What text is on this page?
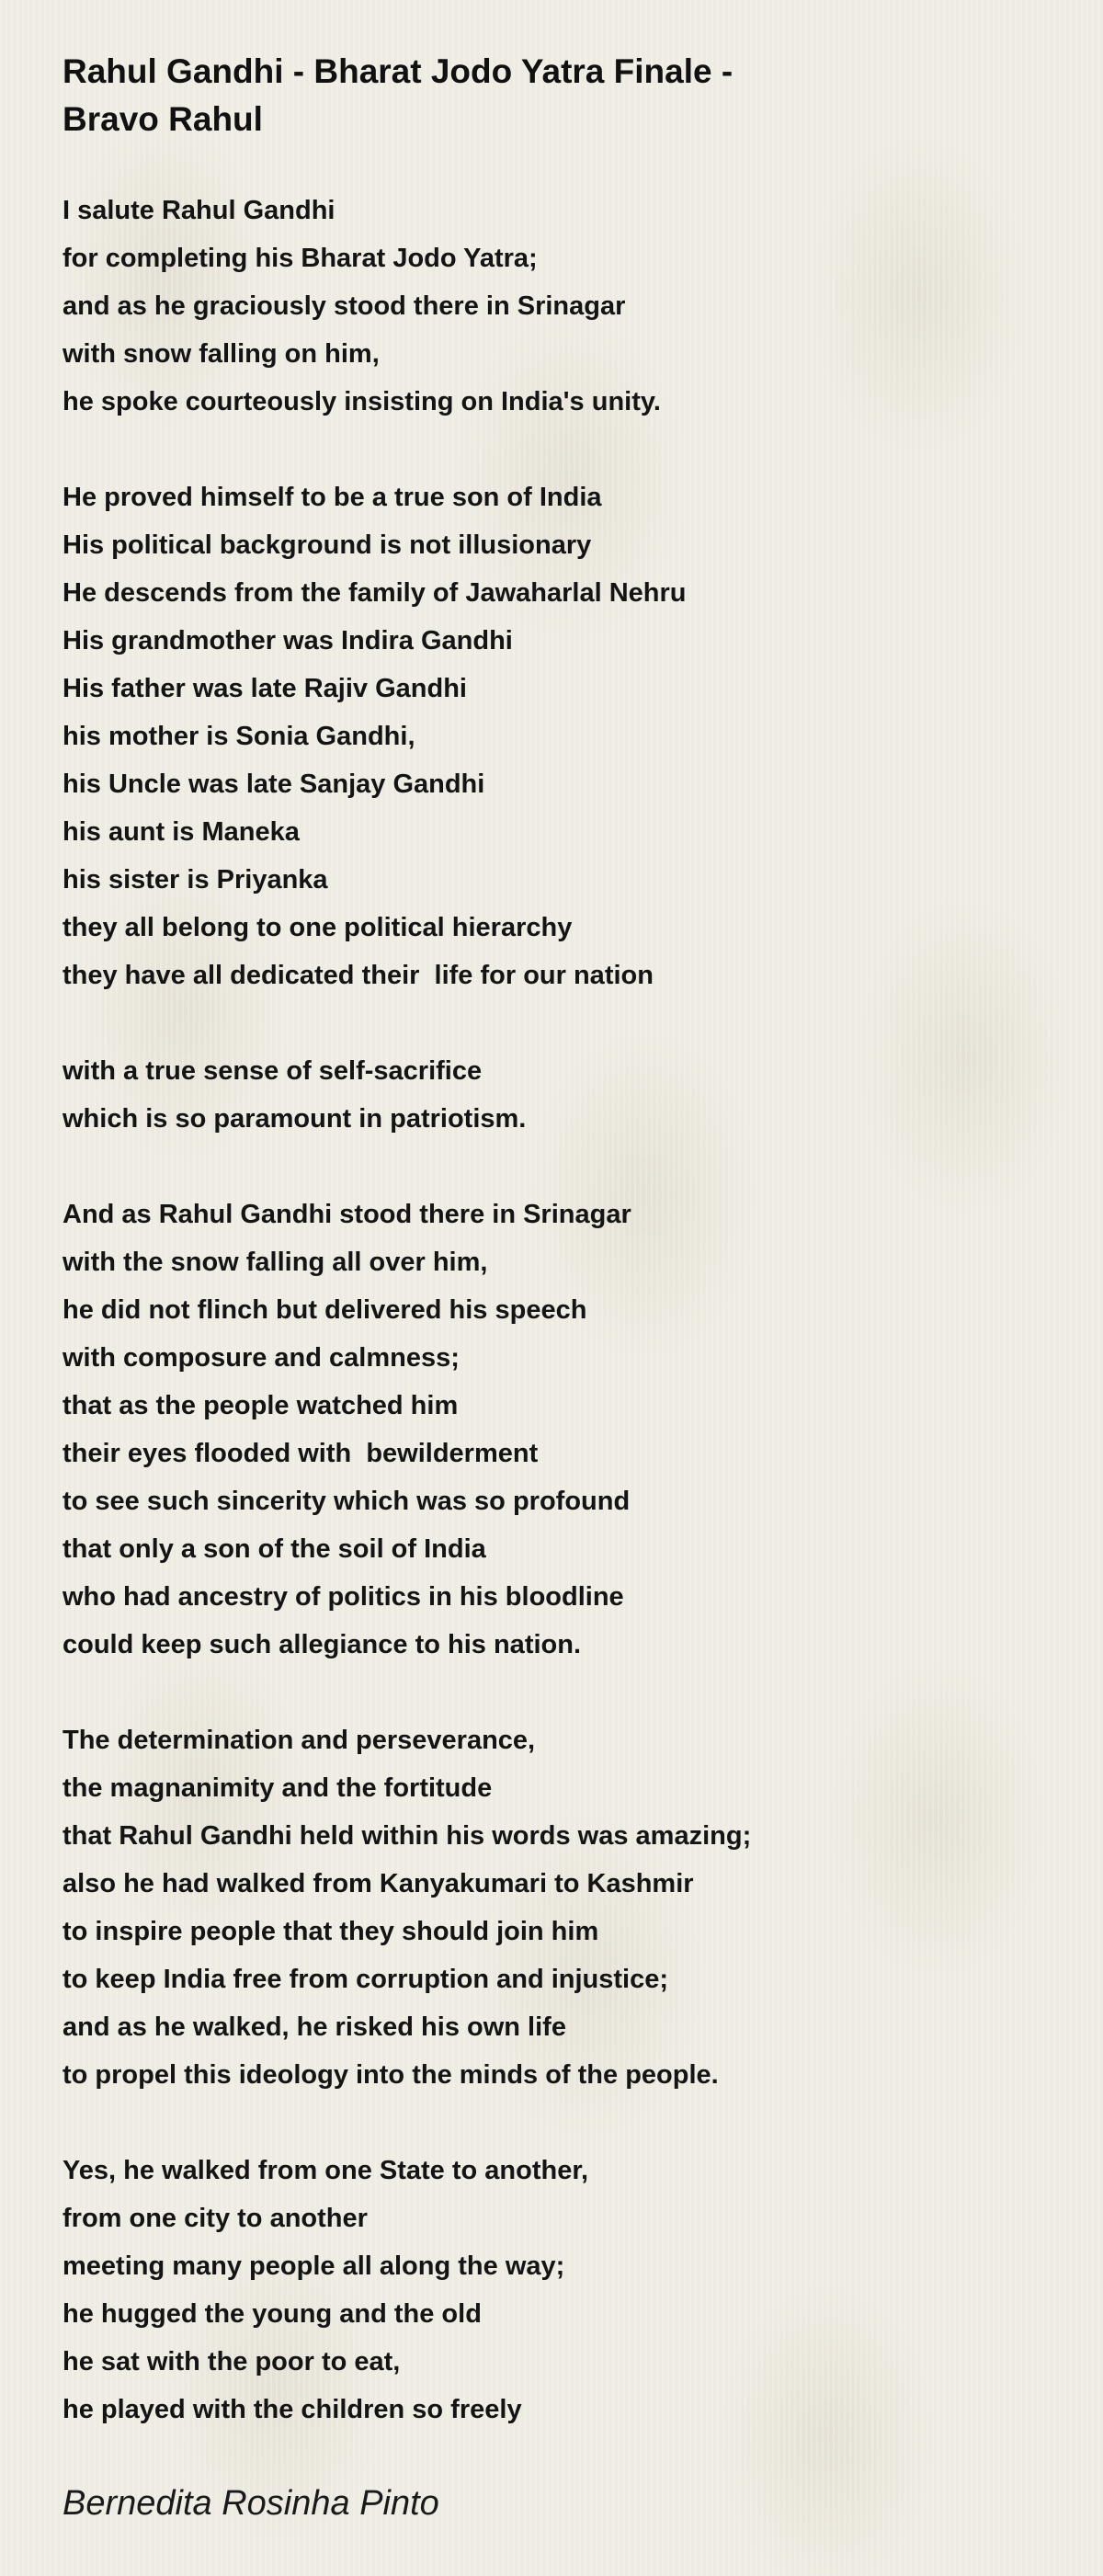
Rahul Gandhi - Bharat Jodo Yatra Finale -
Bravo Rahul
I salute Rahul Gandhi
for completing his Bharat Jodo Yatra;
and as he graciously stood there in Srinagar
with snow falling on him,
he spoke courteously insisting on India's unity.
He proved himself to be a true son of India
His political background is not illusionary
He descends from the family of Jawaharlal Nehru
His grandmother was Indira Gandhi
His father was late Rajiv Gandhi
his mother is Sonia Gandhi,
his Uncle was late Sanjay Gandhi
his aunt is Maneka
his sister is Priyanka
they all belong to one political hierarchy
they have all dedicated their  life for our nation
with a true sense of self-sacrifice
which is so paramount in patriotism.
And as Rahul Gandhi stood there in Srinagar
with the snow falling all over him,
he did not flinch but delivered his speech
with composure and calmness;
that as the people watched him
their eyes flooded with  bewilderment
to see such sincerity which was so profound
that only a son of the soil of India
who had ancestry of politics in his bloodline
could keep such allegiance to his nation.
The determination and perseverance,
the magnanimity and the fortitude
that Rahul Gandhi held within his words was amazing;
also he had walked from Kanyakumari to Kashmir
to inspire people that they should join him
to keep India free from corruption and injustice;
and as he walked, he risked his own life
to propel this ideology into the minds of the people.
Yes, he walked from one State to another,
from one city to another
meeting many people all along the way;
he hugged the young and the old
he sat with the poor to eat,
he played with the children so freely

Bernedita Rosinha Pinto
